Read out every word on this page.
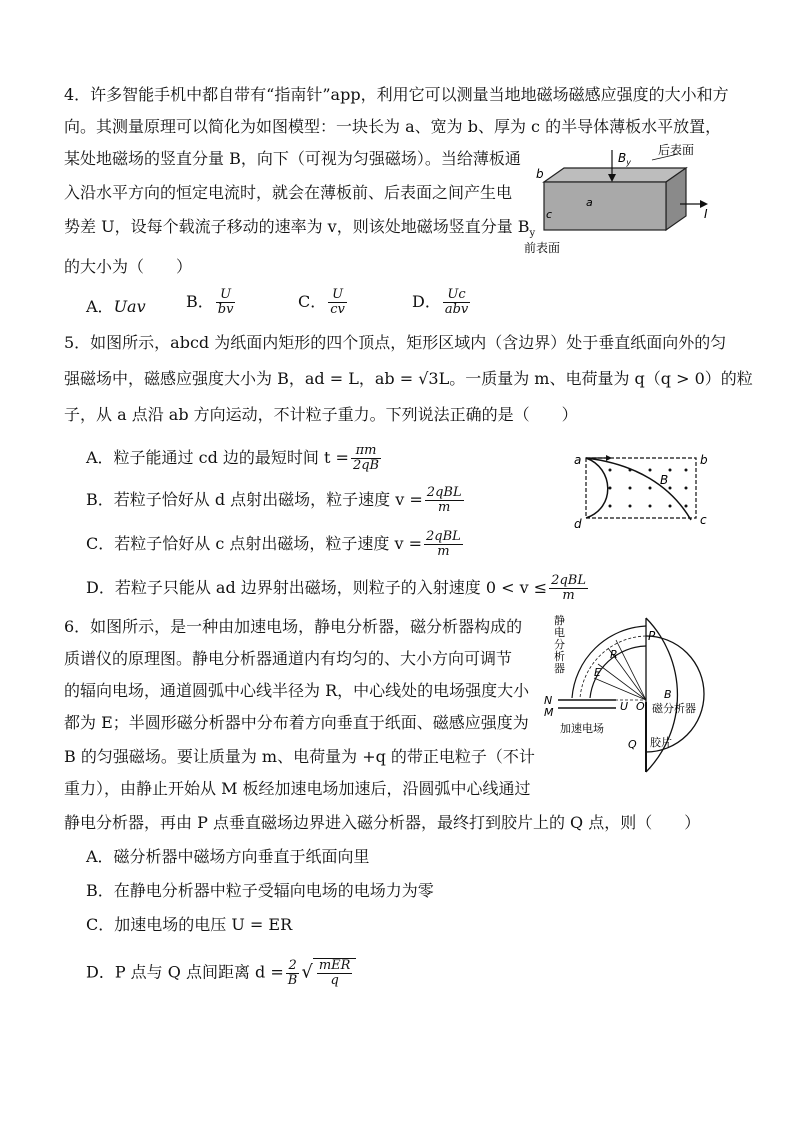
4．许多智能手机中都自带有“指南针”app，利用它可以测量当地地磁场磁感应强度的大小和方
向。其测量原理可以简化为如图模型：一块长为 a、宽为 b、厚为 c 的半导体薄板水平放置，
某处地磁场的竖直分量 B，向下（可视为匀强磁场）。当给薄板通
入沿水平方向的恒定电流时，就会在薄板前、后表面之间产生电
势差 U，设每个载流子移动的速率为 v，则该处地磁场竖直分量 $B_y$
的大小为（　　）
A．Uav	B． $\frac{U}{bv}$	C． $\frac{U}{cv}$	D． $\frac{Uc}{\text{abv}}$
$B_y$
后表面
b
c
a
I
前表面
5．如图所示，abcd 为纸面内矩形的四个顶点，矩形区域内（含边界）处于垂直纸面向外的匀
强磁场中，磁感应强度大小为 B，ad = L，ab = √3L。一质量为 m、电荷量为 q（q > 0）的粒
子，从 a 点沿 ab 方向运动，不计粒子重力。下列说法正确的是（　　）
A．粒子能通过 cd 边的最短时间 $t = \frac{\pi m}{2qB}$
B．若粒子恰好从 d 点射出磁场，粒子速度 $v = \frac{\text{2qBL}}{m}$
C．若粒子恰好从 c 点射出磁场，粒子速度 $v = \frac{\text{2qBL}}{m}$
D．若粒子只能从 ad 边界射出磁场，则粒子的入射速度 $0 < v \le \frac{\text{2qBL}}{m}$
a	b
c
d
B
6．如图所示，是一种由加速电场，静电分析器，磁分析器构成的
质谱仪的原理图。静电分析器通道内有均匀的、大小方向可调节
的辐向电场，通道圆弧中心线半径为 R，中心线处的电场强度大小
都为 E；半圆形磁分析器中分布着方向垂直于纸面、磁感应强度为
B 的匀强磁场。要让质量为 m、电荷量为 +q 的带正电粒子（不计
重力），由静止开始从 M 板经加速电场加速后，沿圆弧中心线通过
静电分析器，再由 P 点垂直磁场边界进入磁分析器，最终打到胶片上的 Q 点，则（　　）
A．磁分析器中磁场方向垂直于纸面向里
B．在静电分析器中粒子受辐向电场的电场力为零
C．加速电场的电压 U = ER
D．P 点与 Q 点间距离 $d = \frac{2}{B}$ √ $\frac{\text{mER}}{q}$
静
电
分
析
器
P
R
E
N
M	U O
B
磁分析器
加速电场
Q 胶片
